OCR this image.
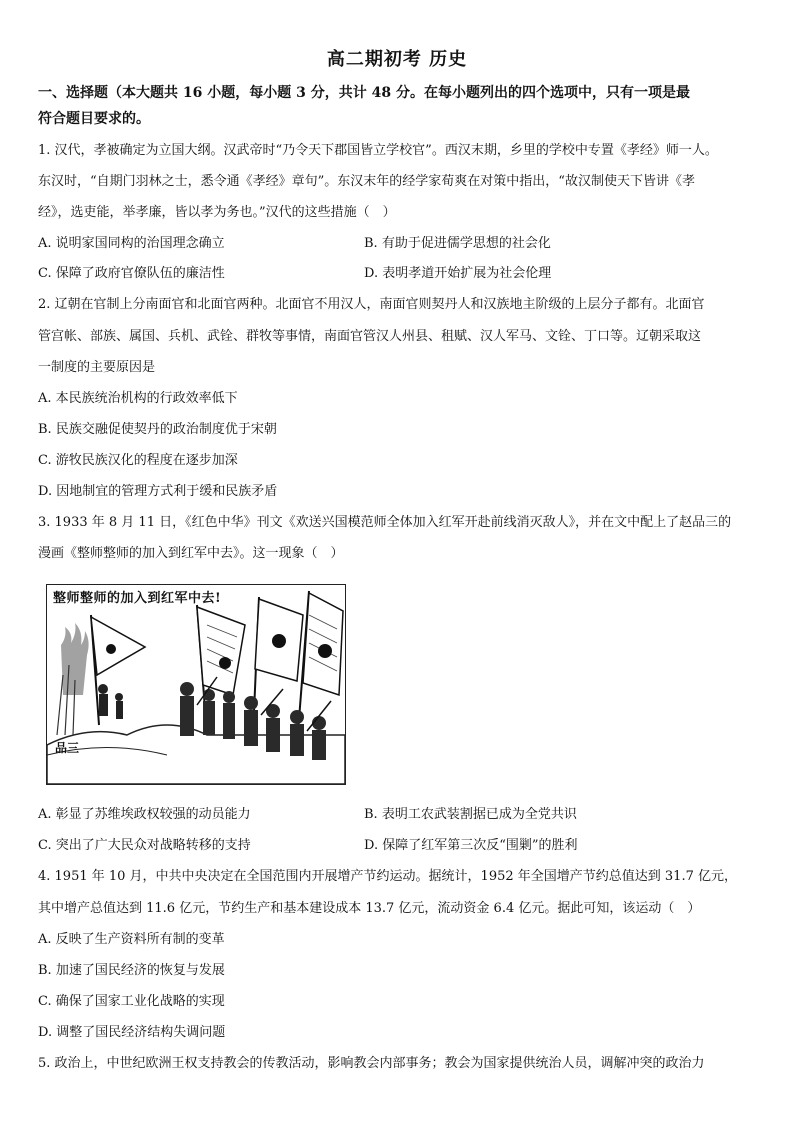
高二期初考 历史
一、选择题（本大题共 16 小题，每小题 3 分，共计 48 分。在每小题列出的四个选项中，只有一项是最
符合题目要求的。
1. 汉代，孝被确定为立国大纲。汉武帝时“乃令天下郡国皆立学校官”。西汉末期，乡里的学校中专置《孝经》师一人。
东汉时，“自期门羽林之士，悉令通《孝经》章句”。东汉末年的经学家荀爽在对策中指出，“故汉制使天下皆讲《孝
经》，选吏能，举孝廉，皆以孝为务也。”汉代的这些措施（　）
A. 说明家国同构的治国理念确立	B. 有助于促进儒学思想的社会化
C. 保障了政府官僚队伍的廉洁性	D. 表明孝道开始扩展为社会伦理
2. 辽朝在官制上分南面官和北面官两种。北面官不用汉人，南面官则契丹人和汉族地主阶级的上层分子都有。北面官
管宫帐、部族、属国、兵机、武铨、群牧等事情，南面官管汉人州县、租赋、汉人军马、文铨、丁口等。辽朝采取这
一制度的主要原因是
A. 本民族统治机构的行政效率低下
B. 民族交融促使契丹的政治制度优于宋朝
C. 游牧民族汉化的程度在逐步加深
D. 因地制宜的管理方式利于缓和民族矛盾
3. 1933 年 8 月 11 日，《红色中华》刊文《欢送兴国模范师全体加入红军开赴前线消灭敌人》，并在文中配上了赵品三的
漫画《整师整师的加入到红军中去》。这一现象（　）
整师整师的加入到红军中去!
品三
A. 彰显了苏维埃政权较强的动员能力	B. 表明工农武装割据已成为全党共识
C. 突出了广大民众对战略转移的支持	D. 保障了红军第三次反“围剿”的胜利
4. 1951 年 10 月，中共中央决定在全国范围内开展增产节约运动。据统计，1952 年全国增产节约总值达到 31.7 亿元，
其中增产总值达到 11.6 亿元，节约生产和基本建设成本 13.7 亿元，流动资金 6.4 亿元。据此可知，该运动（　）
A. 反映了生产资料所有制的变革
B. 加速了国民经济的恢复与发展
C. 确保了国家工业化战略的实现
D. 调整了国民经济结构失调问题
5. 政治上，中世纪欧洲王权支持教会的传教活动，影响教会内部事务；教会为国家提供统治人员，调解冲突的政治力
